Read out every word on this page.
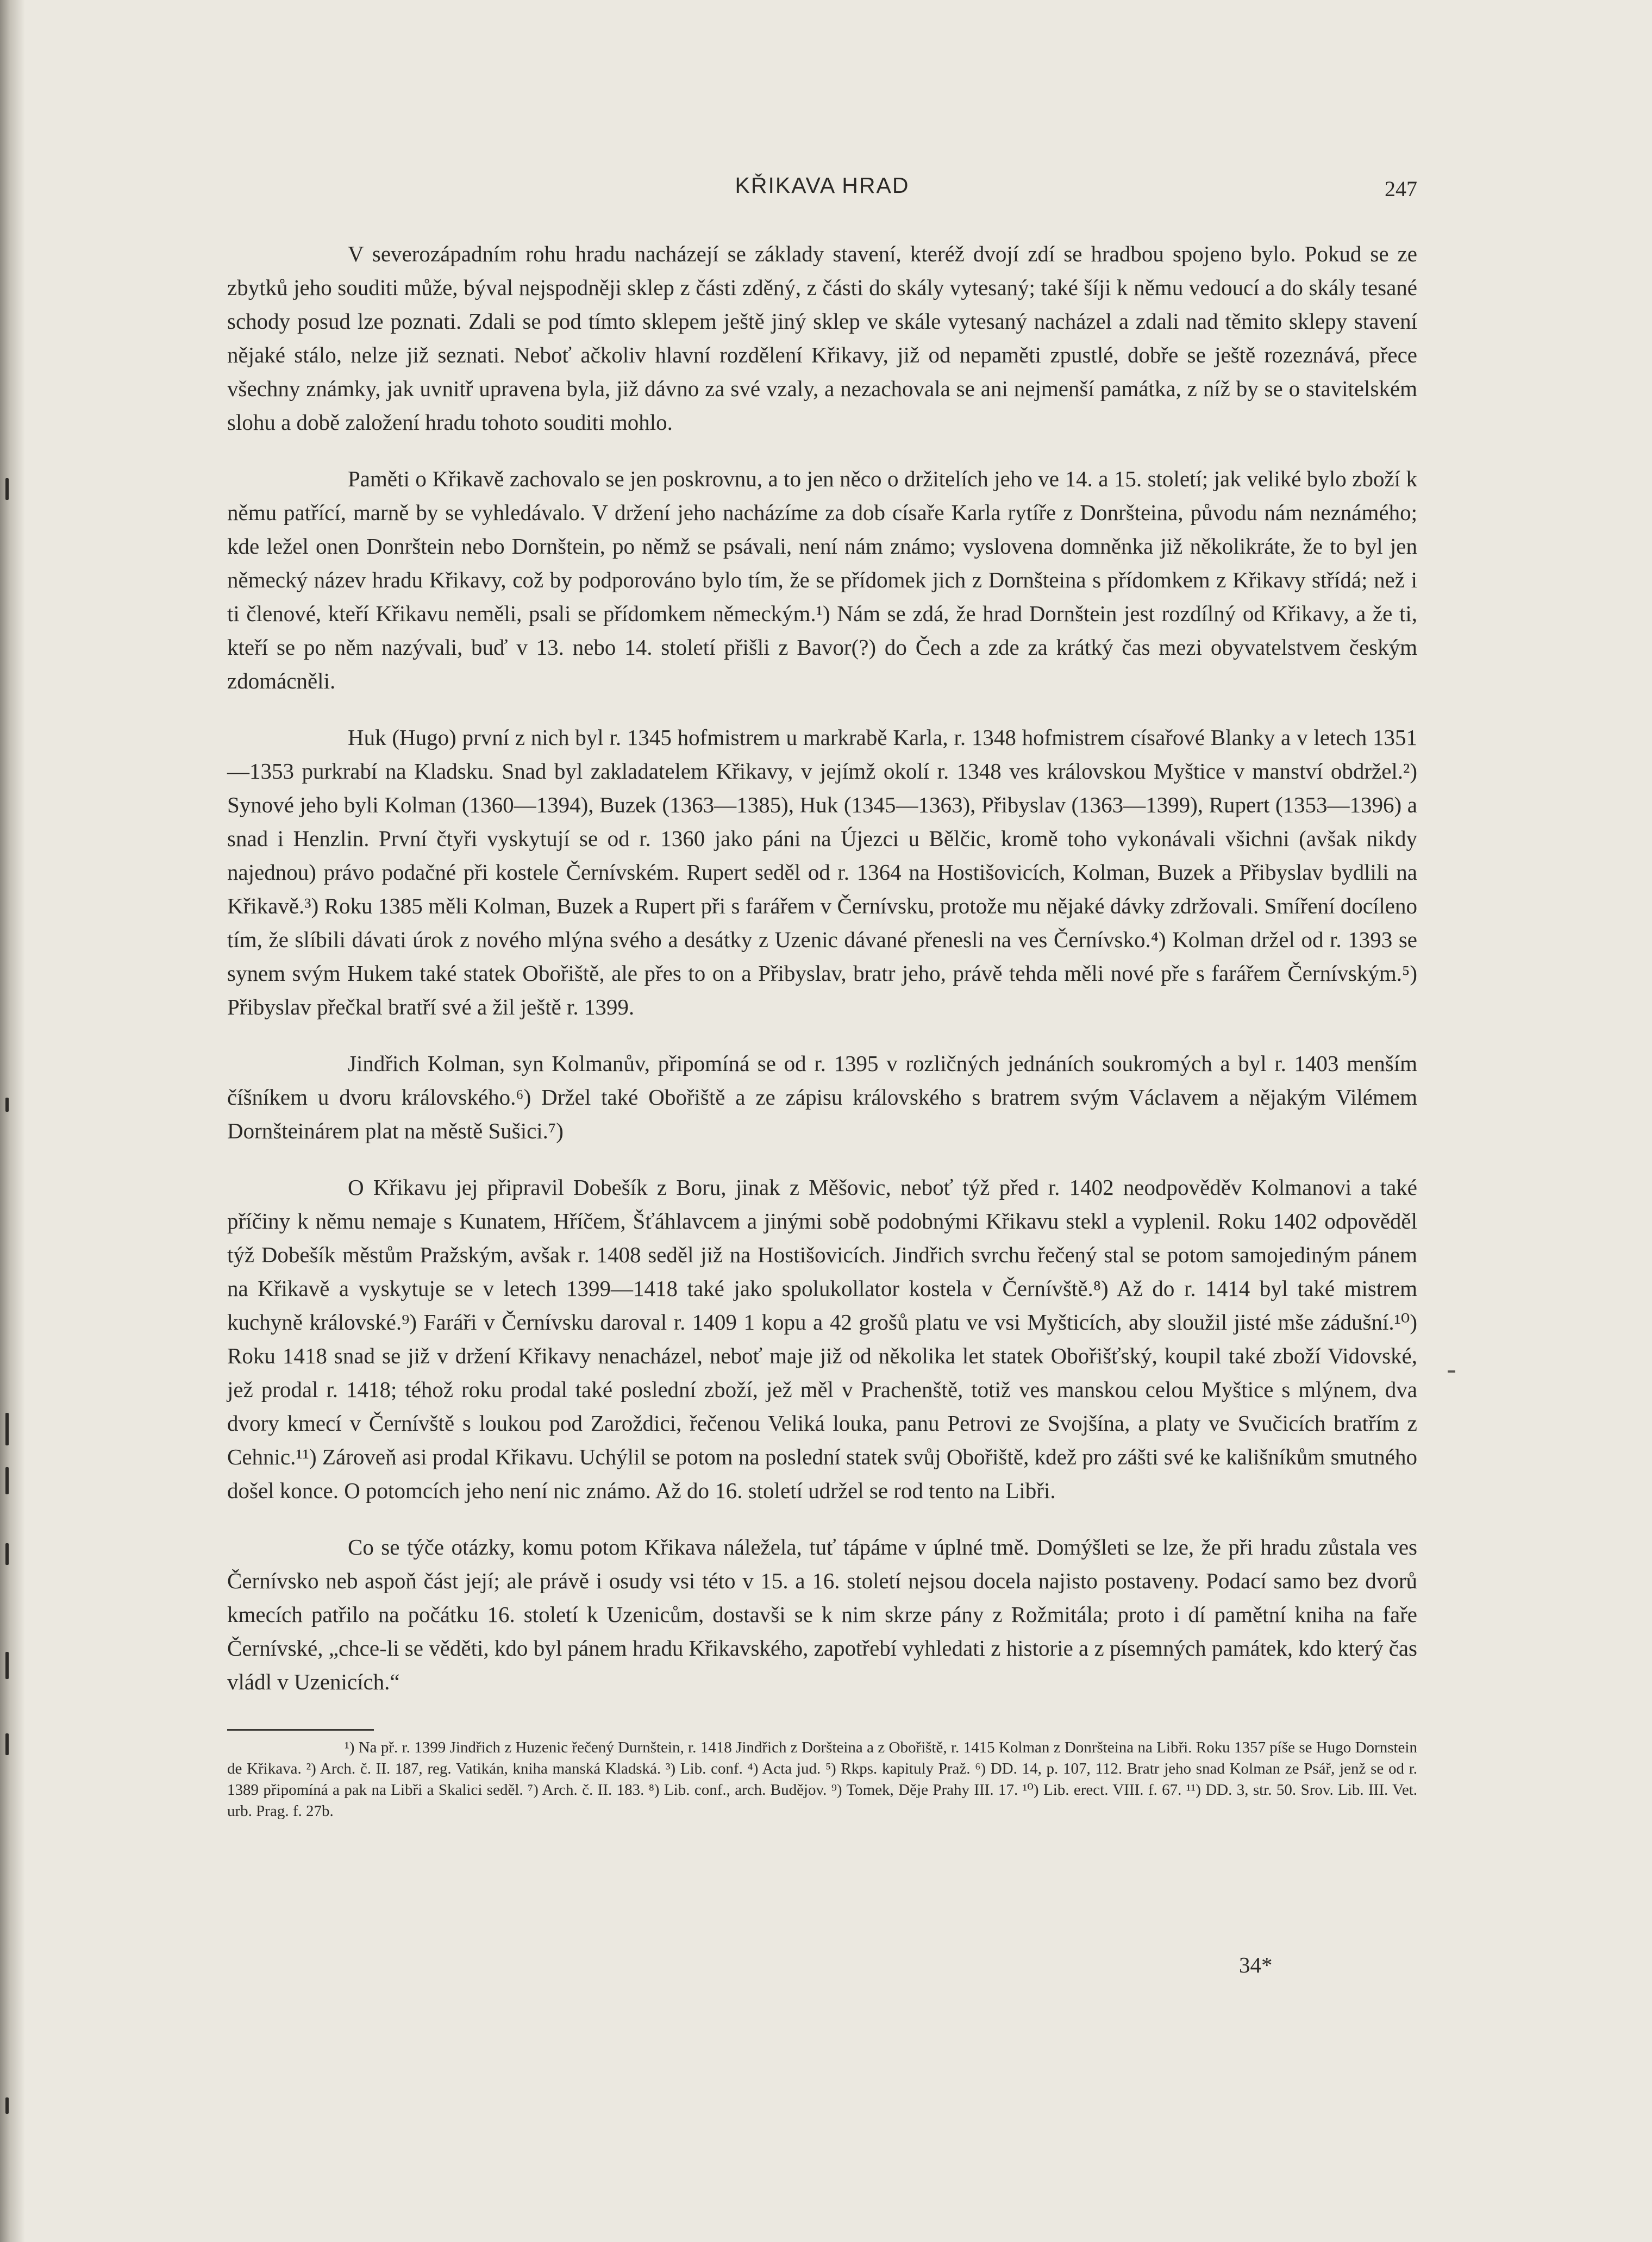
KŘIKAVA HRAD	247

V severozápadním rohu hradu nacházejí se základy stavení, kteréž dvojí zdí se hradbou spojeno bylo. Pokud se ze zbytků jeho souditi může, býval nejspodněji sklep z části zděný, z části do skály vytesaný; také šíji k němu vedoucí a do skály tesané schody posud lze poznati. Zdali se pod tímto sklepem ještě jiný sklep ve skále vytesaný nacházel a zdali nad těmito sklepy stavení nějaké stálo, nelze již seznati. Neboť ačkoliv hlavní rozdělení Křikavy, již od nepaměti zpustlé, dobře se ještě rozeznává, přece všechny známky, jak uvnitř upravena byla, již dávno za své vzaly, a nezachovala se ani nejmenší památka, z níž by se o stavitelském slohu a době založení hradu tohoto souditi mohlo.

Paměti o Křikavě zachovalo se jen poskrovnu, a to jen něco o držitelích jeho ve 14. a 15. století; jak veliké bylo zboží k němu patřící, marně by se vyhledávalo. V držení jeho nacházíme za dob císaře Karla rytíře z Donršteina, původu nám neznámého; kde ležel onen Donrštein nebo Dornštein, po němž se psávali, není nám známo; vyslovena domněnka již několikráte, že to byl jen německý název hradu Křikavy, což by podporováno bylo tím, že se přídomek jich z Dornšteina s přídomkem z Křikavy střídá; než i ti členové, kteří Křikavu neměli, psali se přídomkem německým.¹) Nám se zdá, že hrad Dornštein jest rozdílný od Křikavy, a že ti, kteří se po něm nazývali, buď v 13. nebo 14. století přišli z Bavor(?) do Čech a zde za krátký čas mezi obyvatelstvem českým zdomácněli.

Huk (Hugo) první z nich byl r. 1345 hofmistrem u markrabě Karla, r. 1348 hofmistrem císařové Blanky a v letech 1351—1353 purkrabí na Kladsku. Snad byl zakladatelem Křikavy, v jejímž okolí r. 1348 ves královskou Myštice v manství obdržel.²) Synové jeho byli Kolman (1360—1394), Buzek (1363—1385), Huk (1345—1363), Přibyslav (1363—1399), Rupert (1353—1396) a snad i Henzlin. První čtyři vyskytují se od r. 1360 jako páni na Újezci u Bělčic, kromě toho vykonávali všichni (avšak nikdy najednou) právo podačné při kostele Černívském. Rupert seděl od r. 1364 na Hostišovicích, Kolman, Buzek a Přibyslav bydlili na Křikavě.³) Roku 1385 měli Kolman, Buzek a Rupert při s farářem v Černívsku, protože mu nějaké dávky zdržovali. Smíření docíleno tím, že slíbili dávati úrok z nového mlýna svého a desátky z Uzenic dávané přenesli na ves Černívsko.⁴) Kolman držel od r. 1393 se synem svým Hukem také statek Obořiště, ale přes to on a Přibyslav, bratr jeho, právě tehda měli nové pře s farářem Černívským.⁵) Přibyslav přečkal bratří své a žil ještě r. 1399.

Jindřich Kolman, syn Kolmanův, připomíná se od r. 1395 v rozličných jednáních soukromých a byl r. 1403 menším číšníkem u dvoru královského.⁶) Držel také Obořiště a ze zápisu královského s bratrem svým Václavem a nějakým Vilémem Dornšteinárem plat na městě Sušici.⁷)

O Křikavu jej připravil Dobešík z Boru, jinak z Měšovic, neboť týž před r. 1402 neodpověděv Kolmanovi a také příčiny k němu nemaje s Kunatem, Hříčem, Šťáhlavcem a jinými sobě podobnými Křikavu stekl a vyplenil. Roku 1402 odpověděl týž Dobešík městům Pražským, avšak r. 1408 seděl již na Hostišovicích. Jindřich svrchu řečený stal se potom samojediným pánem na Křikavě a vyskytuje se v letech 1399—1418 také jako spolukollator kostela v Černívště.⁸) Až do r. 1414 byl také mistrem kuchyně královské.⁹) Faráři v Černívsku daroval r. 1409 1 kopu a 42 grošů platu ve vsi Myšticích, aby sloužil jisté mše zádušní.¹⁰) Roku 1418 snad se již v držení Křikavy nenacházel, neboť maje již od několika let statek Obořišťský, koupil také zboží Vidovské, jež prodal r. 1418; téhož roku prodal také poslední zboží, jež měl v Prachenště, totiž ves manskou celou Myštice s mlýnem, dva dvory kmecí v Černívště s loukou pod Zaroždici, řečenou Veliká louka, panu Petrovi ze Svojšína, a platy ve Svučicích bratřím z Cehnic.¹¹) Zároveň asi prodal Křikavu. Uchýlil se potom na poslední statek svůj Obořiště, kdež pro zášti své ke kališníkům smutného došel konce. O potomcích jeho není nic známo. Až do 16. století udržel se rod tento na Libři.

Co se týče otázky, komu potom Křikava náležela, tuť tápáme v úplné tmě. Domýšleti se lze, že při hradu zůstala ves Černívsko neb aspoň část její; ale právě i osudy vsi této v 15. a 16. století nejsou docela najisto postaveny. Podací samo bez dvorů kmecích patřilo na počátku 16. století k Uzenicům, dostavši se k nim skrze pány z Rožmitála; proto i dí pamětní kniha na faře Černívské, „chce-li se věděti, kdo byl pánem hradu Křikavského, zapotřebí vyhledati z historie a z písemných památek, kdo který čas vládl v Uzenicích.“

¹) Na př. r. 1399 Jindřich z Huzenic řečený Durnštein, r. 1418 Jindřich z Doršteina a z Obořiště, r. 1415 Kolman z Donršteina na Libři. Roku 1357 píše se Hugo Dornstein de Křikava. ²) Arch. č. II. 187, reg. Vatikán, kniha manská Kladská. ³) Lib. conf. ⁴) Acta jud. ⁵) Rkps. kapituly Praž. ⁶) DD. 14, p. 107, 112. Bratr jeho snad Kolman ze Psář, jenž se od r. 1389 připomíná a pak na Libři a Skalici seděl. ⁷) Arch. č. II. 183. ⁸) Lib. conf., arch. Budějov. ⁹) Tomek, Děje Prahy III. 17. ¹⁰) Lib. erect. VIII. f. 67. ¹¹) DD. 3, str. 50. Srov. Lib. III. Vet. urb. Prag. f. 27b.

34*
